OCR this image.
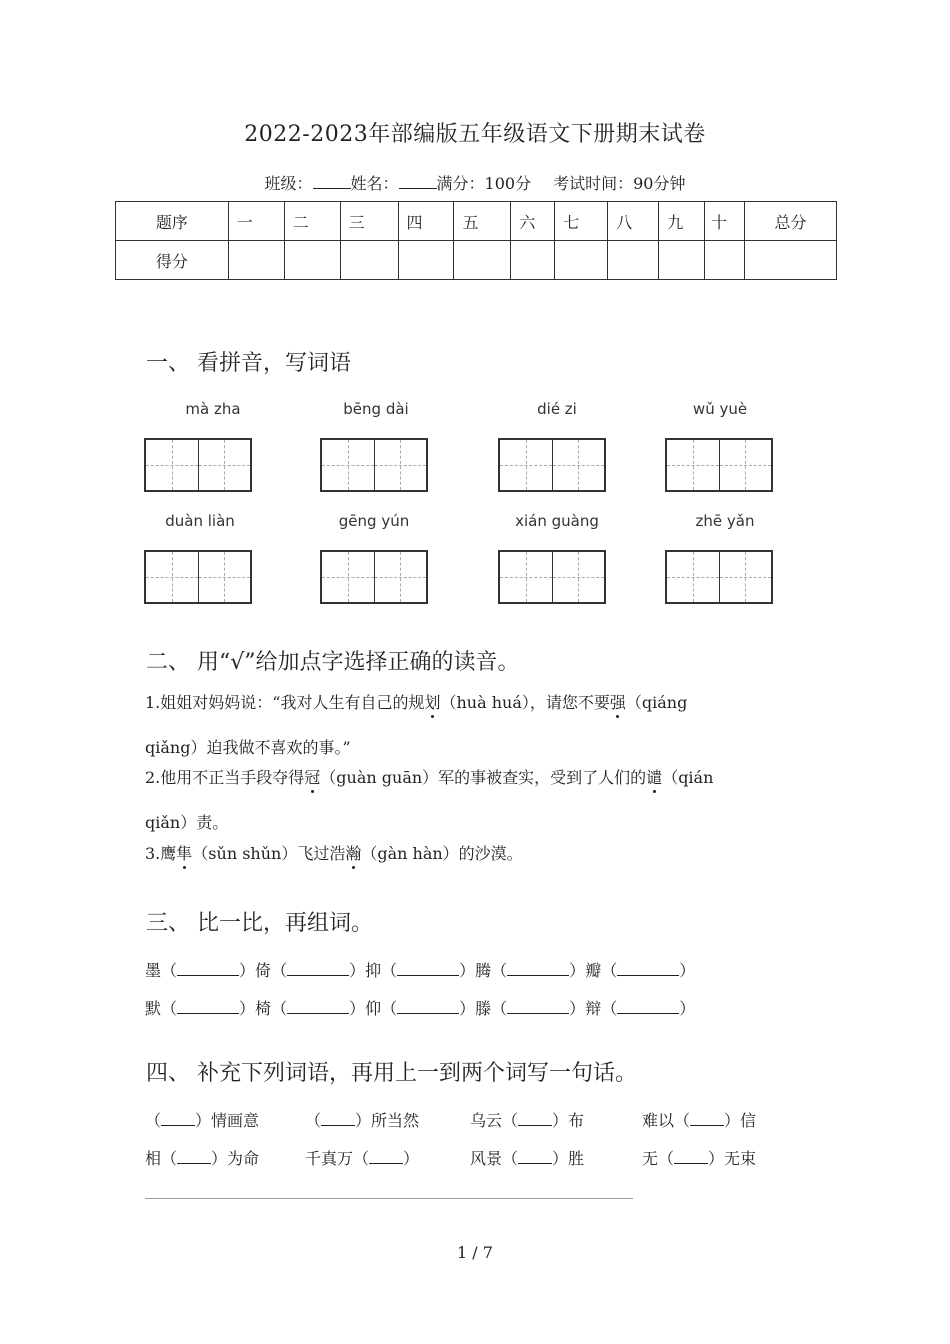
2022-2023年部编版五年级语文下册期末试卷
班级： 姓名： 满分：100分 考试时间：90分钟
题序	一	二	三	四	五	六	七	八	九	十	总分
得分											
一、 看拼音，写词语
mà zha	bēng dài	dié zi	wǔ yuè
duàn liàn	gēng yún	xián guàng	zhē yǎn
二、 用“√”给加点字选择正确的读音。
1.姐姐对妈妈说：“我对人生有自己的规划（huà huá），请您不要强（qiáng
qiǎng）迫我做不喜欢的事。”
2.他用不正当手段夺得冠（guàn guān）军的事被查实，受到了人们的谴（qián
qiǎn）责。
3.鹰隼（sǔn shǔn）飞过浩瀚（gàn hàn）的沙漠。
三、 比一比，再组词。
墨（	）倚（	）抑（	）腾（	）瓣（	）
默（	）椅（	）仰（	）滕（	）辩（	）
四、 补充下列词语，再用上一到两个词写一句话。
（ ）情画意	（ ）所当然	乌云（ ）布	难以（ ）信
相（ ）为命	千真万（ ）	风景（ ）胜	无（ ）无束
1 / 7
